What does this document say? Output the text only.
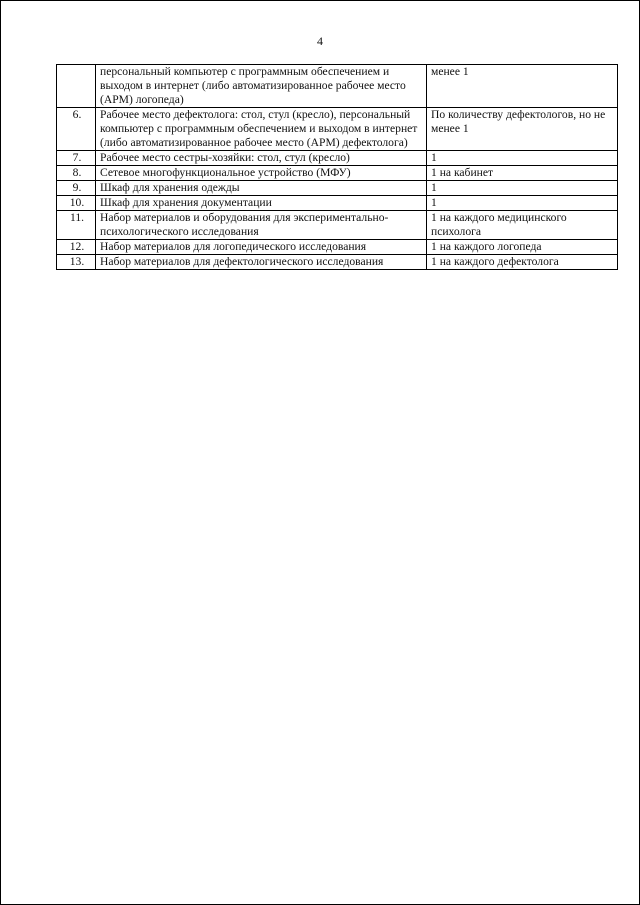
4
	персональный компьютер с программным обеспечением и выходом в интернет (либо автоматизированное рабочее место (АРМ) логопеда)	менее 1
6.	Рабочее место дефектолога: стол, стул (кресло), персональный компьютер с программным обеспечением и выходом в интернет (либо автоматизированное рабочее место (АРМ) дефектолога)	По количеству дефектологов, но не менее 1
7.	Рабочее место сестры-хозяйки: стол, стул (кресло)	1
8.	Сетевое многофункциональное устройство (МФУ)	1 на кабинет
9.	Шкаф для хранения одежды	1
10.	Шкаф для хранения документации	1
11.	Набор материалов и оборудования для экспериментально-психологического исследования	1 на каждого медицинского психолога
12.	Набор материалов для логопедического исследования	1 на каждого логопеда
13.	Набор материалов для дефектологического исследования	1 на каждого дефектолога
